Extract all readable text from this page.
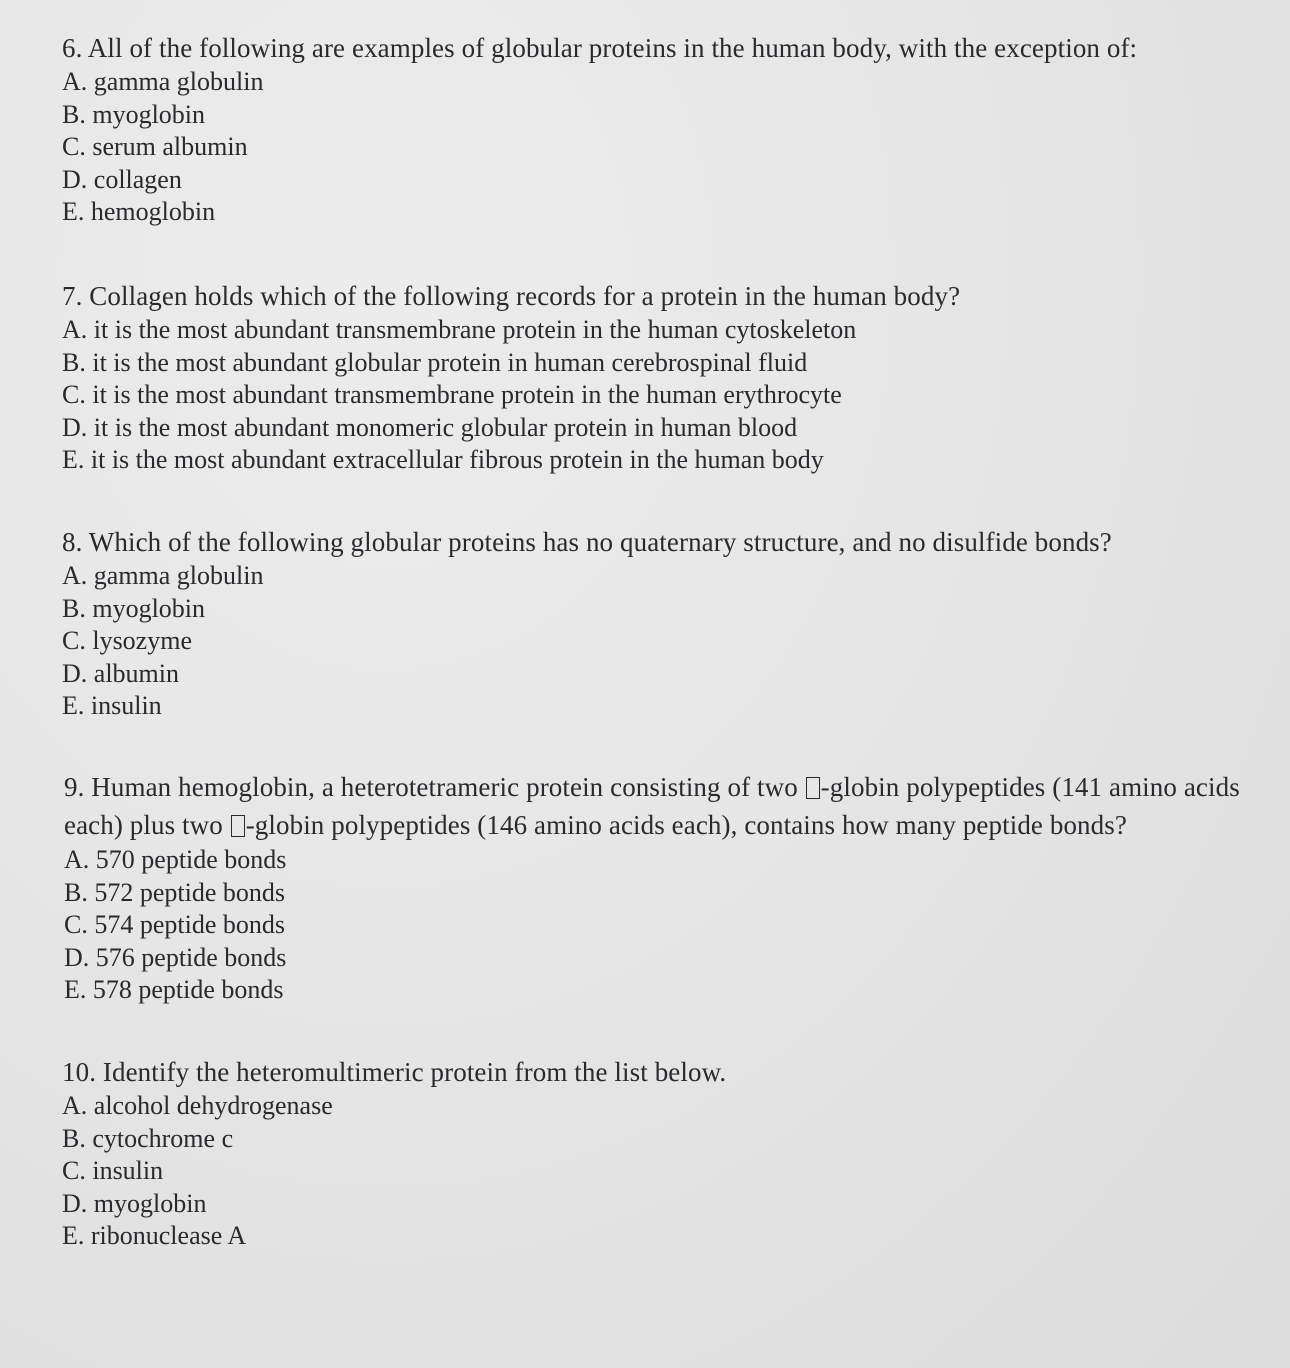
6. All of the following are examples of globular proteins in the human body, with the exception of:

A. gamma globulin

B. myoglobin

C. serum albumin

D. collagen

E. hemoglobin

7. Collagen holds which of the following records for a protein in the human body?

A. it is the most abundant transmembrane protein in the human cytoskeleton

B. it is the most abundant globular protein in human cerebrospinal fluid

C. it is the most abundant transmembrane protein in the human erythrocyte

D. it is the most abundant monomeric globular protein in human blood

E. it is the most abundant extracellular fibrous protein in the human body

8. Which of the following globular proteins has no quaternary structure, and no disulfide bonds?

A. gamma globulin

B. myoglobin

C. lysozyme

D. albumin

E. insulin

9. Human hemoglobin, a heterotetrameric protein consisting of two -globin polypeptides (141 amino acids each) plus two -globin polypeptides (146 amino acids each), contains how many peptide bonds?

A. 570 peptide bonds

B. 572 peptide bonds

C. 574 peptide bonds

D. 576 peptide bonds

E. 578 peptide bonds

10. Identify the heteromultimeric protein from the list below.

A. alcohol dehydrogenase

B. cytochrome c

C. insulin

D. myoglobin

E. ribonuclease A
